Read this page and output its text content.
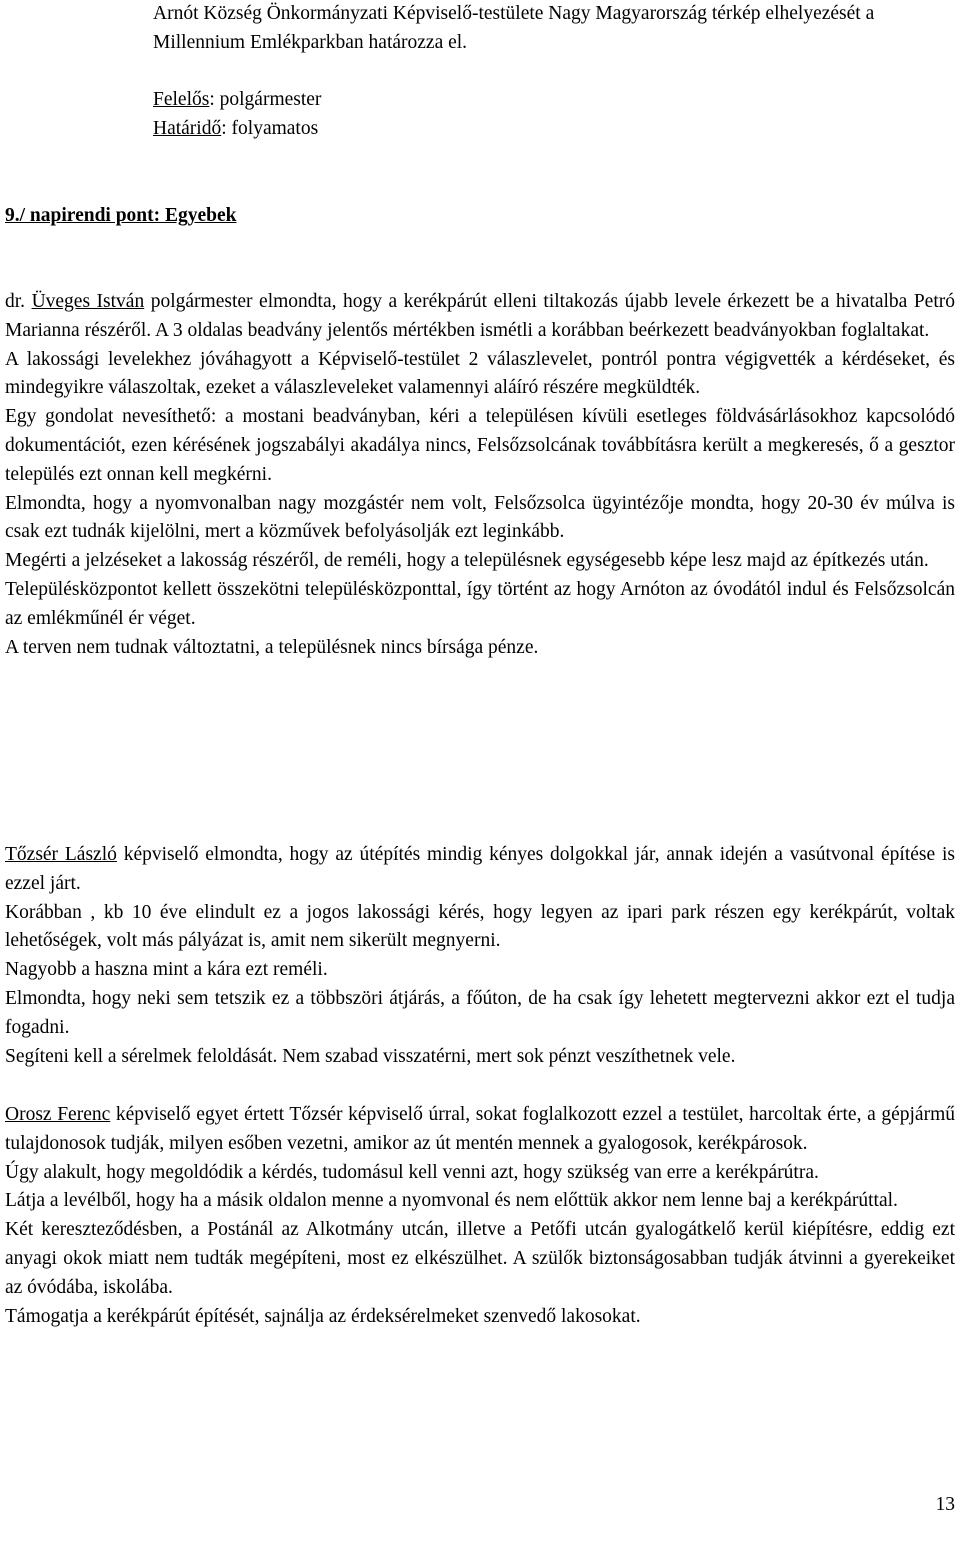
Arnót Község Önkormányzati Képviselő-testülete Nagy Magyarország térkép elhelyezését a Millennium Emlékparkban határozza el.

Felelős: polgármester

Határidő: folyamatos

9./ napirendi pont: Egyebek

dr. Üveges István polgármester elmondta, hogy a kerékpárút elleni tiltakozás újabb levele érkezett be a hivatalba Petró Marianna részéről. A 3 oldalas beadvány jelentős mértékben ismétli a korábban beérkezett beadványokban foglaltakat.

A lakossági levelekhez jóváhagyott a Képviselő-testület 2 válaszlevelet, pontról pontra végigvették a kérdéseket, és mindegyikre válaszoltak, ezeket a válaszleveleket valamennyi aláíró részére megküldték.

Egy gondolat nevesíthető: a mostani beadványban, kéri a településen kívüli esetleges földvásárlásokhoz kapcsolódó dokumentációt, ezen kérésének jogszabályi akadálya nincs, Felsőzsolcának továbbításra került a megkeresés, ő a gesztor település ezt onnan kell megkérni.

Elmondta, hogy a nyomvonalban nagy mozgástér nem volt, Felsőzsolca ügyintézője mondta, hogy 20-30 év múlva is csak ezt tudnák kijelölni, mert a közművek befolyásolják ezt leginkább.

Megérti a jelzéseket a lakosság részéről, de reméli, hogy a településnek egységesebb képe lesz majd az építkezés után.

Településközpontot kellett összekötni településközponttal, így történt az hogy Arnóton az óvodától indul és Felsőzsolcán az emlékműnél ér véget.

A terven nem tudnak változtatni, a településnek nincs bírsága pénze.

Tőzsér László képviselő elmondta, hogy az útépítés mindig kényes dolgokkal jár, annak idején a vasútvonal építése is ezzel járt.

Korábban , kb 10 éve elindult ez a jogos lakossági kérés, hogy legyen az ipari park részen egy kerékpárút, voltak lehetőségek, volt más pályázat is, amit nem sikerült megnyerni.

Nagyobb a haszna mint a kára ezt reméli.

Elmondta, hogy neki sem tetszik ez a többszöri átjárás, a főúton, de ha csak így lehetett megtervezni akkor ezt el tudja fogadni.

Segíteni kell a sérelmek feloldását. Nem szabad visszatérni, mert sok pénzt veszíthetnek vele.

Orosz Ferenc képviselő egyet értett Tőzsér képviselő úrral, sokat foglalkozott ezzel a testület, harcoltak érte, a gépjármű tulajdonosok tudják, milyen esőben vezetni, amikor az út mentén mennek a gyalogosok, kerékpárosok.

Úgy alakult, hogy megoldódik a kérdés, tudomásul kell venni azt, hogy szükség van erre a kerékpárútra.

Látja a levélből, hogy ha a másik oldalon menne a nyomvonal és nem előttük akkor nem lenne baj a kerékpárúttal.

Két kereszteződésben, a Postánál az Alkotmány utcán, illetve a Petőfi utcán gyalogátkelő kerül kiépítésre, eddig ezt anyagi okok miatt nem tudták megépíteni, most ez elkészülhet. A szülők biztonságosabban tudják átvinni a gyerekeiket az óvódába, iskolába.

Támogatja a kerékpárút építését, sajnálja az érdeksérelmeket szenvedő lakosokat.

13
